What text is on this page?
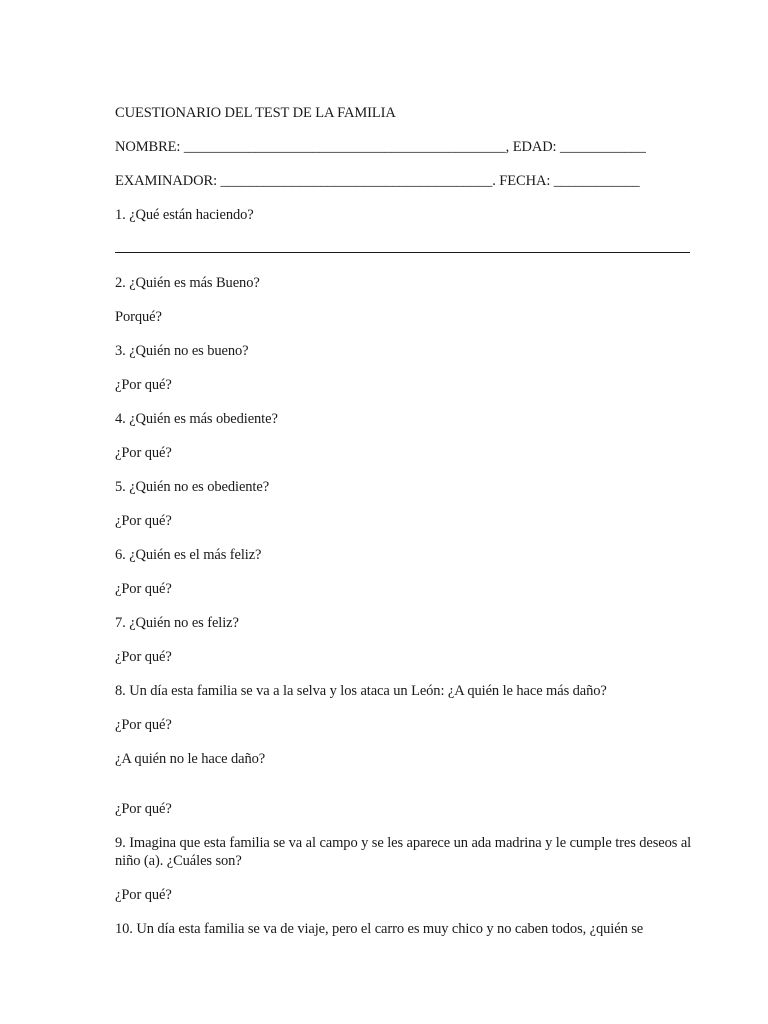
CUESTIONARIO DEL TEST DE LA FAMILIA
NOMBRE: _____________________________________________, EDAD: ____________
EXAMINADOR: ______________________________________. FECHA: ____________
1. ¿Qué están haciendo?
2. ¿Quién es más Bueno?
Porqué?
3. ¿Quién no es bueno?
¿Por qué?
4. ¿Quién es más obediente?
¿Por qué?
5. ¿Quién no es obediente?
¿Por qué?
6. ¿Quién es el más feliz?
¿Por qué?
7. ¿Quién no es feliz?
¿Por qué?
8. Un día esta familia se va a la selva y los ataca un León: ¿A quién le hace más daño?
¿Por qué?
¿A quién no le hace daño?
¿Por qué?
9. Imagina que esta familia se va al campo y se les aparece un ada madrina y le cumple tres deseos al niño (a). ¿Cuáles son?
¿Por qué?
10. Un día esta familia se va de viaje, pero el carro es muy chico y no caben todos, ¿quién se
